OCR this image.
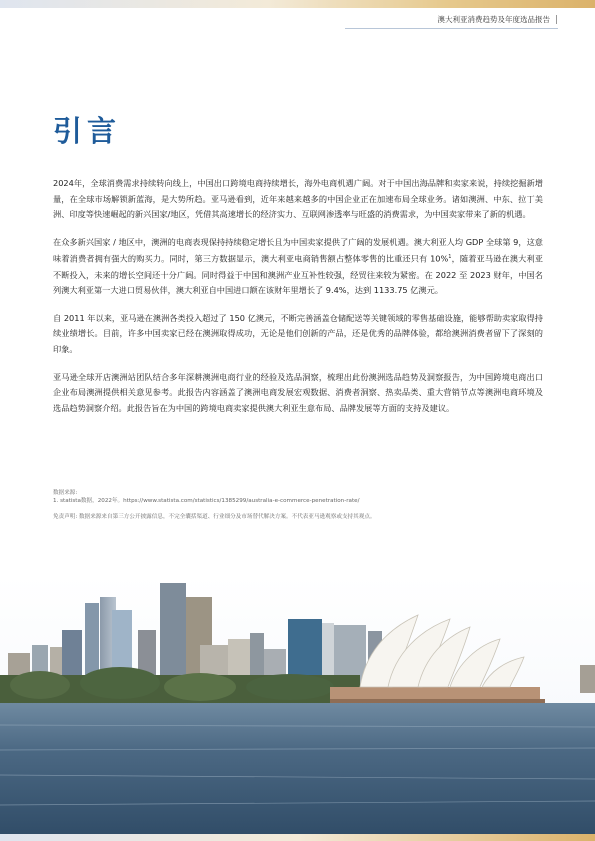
澳大利亚消费趋势及年度选品报告
引言

2024年，全球消费需求持续转向线上，中国出口跨境电商持续增长，海外电商机遇广阔。对于中国出海品牌和卖家来说，持续挖掘新增量，在全球市场解锁新蓝海，是大势所趋。亚马逊看到，近年来越来越多的中国企业正在加速布局全球业务。诸如澳洲、中东、拉丁美洲、印度等快速崛起的新兴国家/地区，凭借其高速增长的经济实力、互联网渗透率与旺盛的消费需求，为中国卖家带来了新的机遇。

在众多新兴国家 / 地区中，澳洲的电商表现保持持续稳定增长且为中国卖家提供了广阔的发展机遇。澳大利亚人均 GDP 全球第 9，这意味着消费者拥有强大的购买力。同时，第三方数据显示，澳大利亚电商销售额占整体零售的比重还只有 10%$^1$，随着亚马逊在澳大利亚不断投入，未来的增长空间还十分广阔。同时得益于中国和澳洲产业互补性较强，经贸往来较为紧密。在 2022 至 2023 财年，中国名列澳大利亚第一大进口贸易伙伴，澳大利亚自中国进口额在该财年里增长了 9.4%，达到 1133.75 亿澳元。

自 2011 年以来，亚马逊在澳洲各类投入超过了 150 亿澳元，不断完善涵盖仓储配送等关键领域的零售基础设施，能够帮助卖家取得持续业绩增长。目前，许多中国卖家已经在澳洲取得成功，无论是他们创新的产品，还是优秀的品牌体验，都给澳洲消费者留下了深刻的印象。

亚马逊全球开店澳洲站团队结合多年深耕澳洲电商行业的经验及选品洞察，梳理出此份澳洲选品趋势及洞察报告，为中国跨境电商出口企业布局澳洲提供相关意见参考。此报告内容涵盖了澳洲电商发展宏观数据、消费者洞察、热卖品类、重大营销节点等澳洲电商环境及选品趋势洞察介绍。此报告旨在为中国的跨境电商卖家提供澳大利亚生意布局、品牌发展等方面的支持及建议。

数据来源:

1. statista数据，2022年。https://www.statista.com/statistics/1385299/australia-e-commerce-penetration-rate/

免责声明: 数据来源来自第三方公开披露信息，不完全囊括渠道、行业细分及市场替代解决方案。不代表亚马逊观察或支持其观点。
